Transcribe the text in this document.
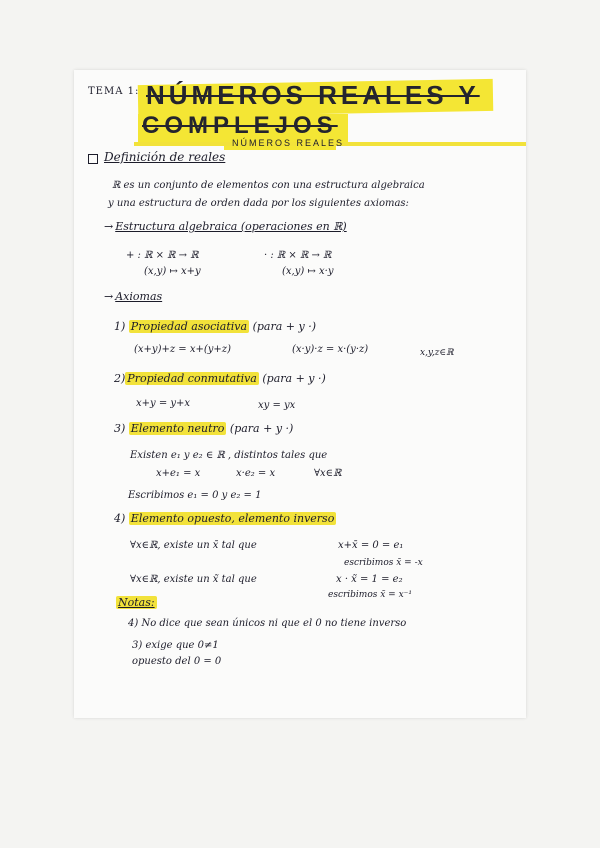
TEMA 1: NÚMEROS REALES Y
COMPLEJOS
NÚMEROS REALES
Definición de reales
ℝ es un conjunto de elementos con una estructura algebraica
y una estructura de orden dada por los siguientes axiomas:
→ Estructura algebraica (operaciones en ℝ)
+ : ℝ × ℝ → ℝ
(x,y) ↦ x+y
· : ℝ × ℝ → ℝ
(x,y) ↦ x·y
→ Axiomas
1) Propiedad asociativa (para + y ·)
(x+y)+z = x+(y+z)	(x·y)·z = x·(y·z)	x,y,z∈ℝ
2) Propiedad conmutativa (para + y ·)
x+y = y+x	xy = yx
3) Elemento neutro (para + y ·)
Existen e₁ y e₂ ∈ ℝ , distintos tales que
x+e₁ = x	x·e₂ = x	∀x∈ℝ
Escribimos e₁ = 0 y e₂ = 1
4) Elemento opuesto, elemento inverso
∀x∈ℝ, existe un x̄ tal que	x+x̄ = 0 = e₁
escribimos x̄ = -x
∀x∈ℝ, existe un x̃ tal que	x · x̃ = 1 = e₂
escribimos x̃ = x⁻¹
Notas:
4) No dice que sean únicos ni que el 0 no tiene inverso
3) exige que 0≠1
opuesto del 0 = 0
